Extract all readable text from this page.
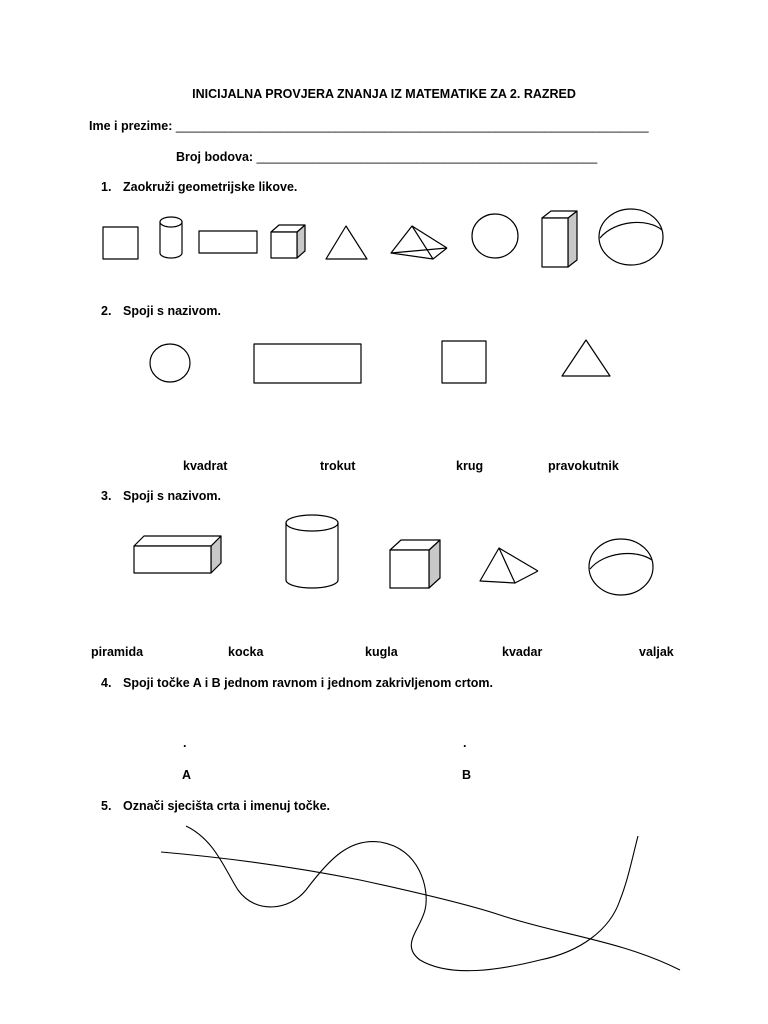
INICIJALNA PROVJERA ZNANJA IZ MATEMATIKE ZA 2. RAZRED
Ime i prezime: ____________________________________________________________________
Broj bodova: _________________________________________________
1. Zaokruži geometrijske likove.
2. Spoji s nazivom.
kvadrat	trokut	krug	pravokutnik
3. Spoji s nazivom.
piramida	kocka	kugla	kvadar	valjak
4. Spoji točke A i B jednom ravnom i jednom zakrivljenom crtom.
.	.
A	B
5. Označi sjecišta crta i imenuj točke.
